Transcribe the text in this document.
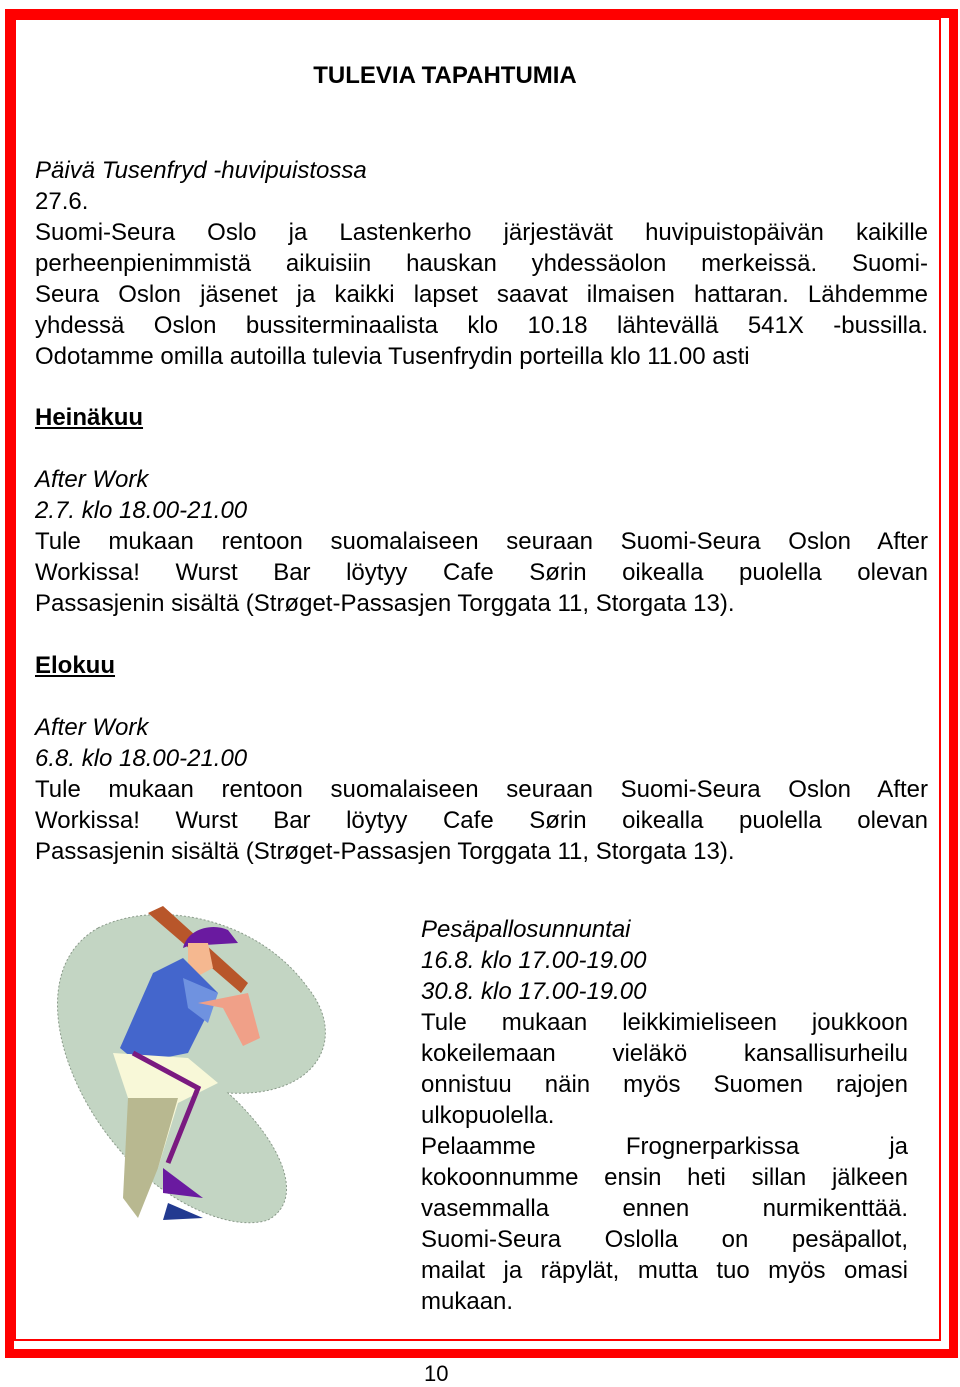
TULEVIA TAPAHTUMIA
Päivä Tusenfryd -huvipuistossa
27.6.
Suomi-Seura Oslo ja Lastenkerho järjestävät huvipuistopäivän kaikille
perheenpienimmistä aikuisiin hauskan yhdessäolon merkeissä. Suomi-
Seura Oslon jäsenet ja kaikki lapset saavat ilmaisen hattaran. Lähdemme
yhdessä Oslon bussiterminaalista klo 10.18 lähtevällä 541X -bussilla.
Odotamme omilla autoilla tulevia Tusenfrydin porteilla klo 11.00 asti
Heinäkuu
After Work
2.7. klo 18.00-21.00
Tule mukaan rentoon suomalaiseen seuraan Suomi-Seura Oslon After
Workissa! Wurst Bar löytyy Cafe Sørin oikealla puolella olevan
Passasjenin sisältä (Strøget-Passasjen Torggata 11, Storgata 13).
Elokuu
After Work
6.8. klo 18.00-21.00
Tule mukaan rentoon suomalaiseen seuraan Suomi-Seura Oslon After
Workissa! Wurst Bar löytyy Cafe Sørin oikealla puolella olevan
Passasjenin sisältä (Strøget-Passasjen Torggata 11, Storgata 13).
Pesäpallosunnuntai
16.8. klo 17.00-19.00
30.8. klo 17.00-19.00
Tule mukaan leikkimieliseen joukkoon
kokeilemaan vieläkö kansallisurheilu
onnistuu näin myös Suomen rajojen
ulkopuolella.
Pelaamme Frognerparkissa ja
kokoonnumme ensin heti sillan jälkeen
vasemmalla ennen nurmikenttää.
Suomi-Seura Oslolla on pesäpallot,
mailat ja räpylät, mutta tuo myös omasi
mukaan.
10
